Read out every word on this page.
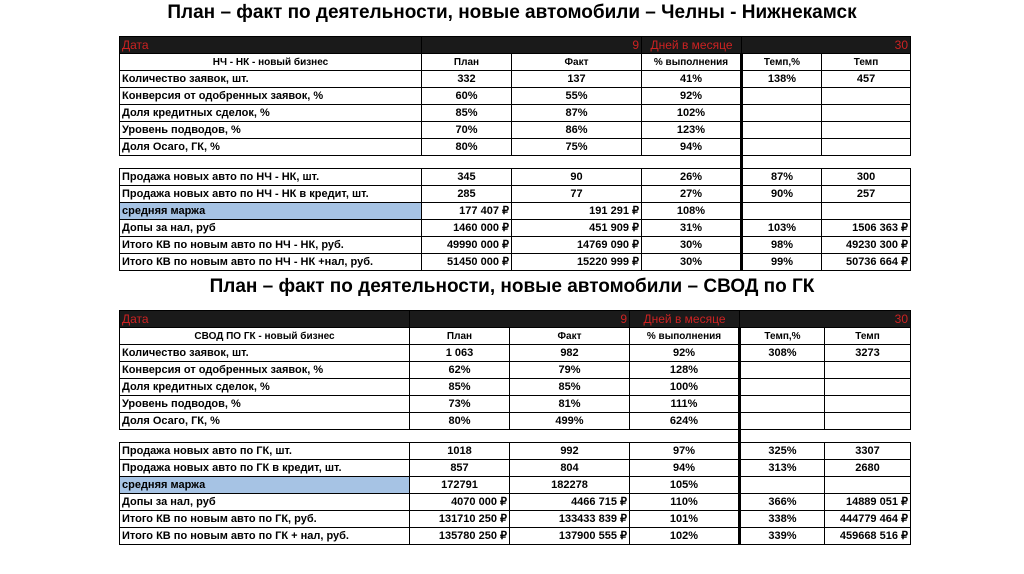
План – факт по деятельности, новые автомобили – Челны - Нижнекамск
Дата	9		Дней в месяце	30	
НЧ - НК - новый бизнес	План	Факт	% выполнения	Темп,%	Темп
Количество заявок, шт.	332	137	41%	138%	457
Конверсия от одобренных заявок, %	60%	55%	92%		
Доля кредитных сделок, %	85%	87%	102%		
Уровень подводов, %	70%	86%	123%		
Доля Осаго, ГК, %	80%	75%	94%		

Продажа новых авто по НЧ - НК, шт.	345	90	26%	87%	300
Продажа новых авто по НЧ - НК в кредит, шт.	285	77	27%	90%	257
средняя маржа	177 407 ₽	191 291 ₽	108%		
Допы за нал, руб	1460 000 ₽	451 909 ₽	31%	103%	1506 363 ₽
Итого КВ по новым авто по НЧ - НК, руб.	49990 000 ₽	14769 090 ₽	30%	98%	49230 300 ₽
Итого КВ по новым авто по НЧ - НК +нал, руб.	51450 000 ₽	15220 999 ₽	30%	99%	50736 664 ₽
План – факт по деятельности, новые автомобили – СВОД по ГК
Дата	9		Дней в месяце	30	
СВОД ПО ГК - новый бизнес	План	Факт	% выполнения	Темп,%	Темп
Количество заявок, шт.	1 063	982	92%	308%	3273
Конверсия от одобренных заявок, %	62%	79%	128%		
Доля кредитных сделок, %	85%	85%	100%		
Уровень подводов, %	73%	81%	111%		
Доля Осаго, ГК, %	80%	499%	624%		

Продажа новых авто по ГК, шт.	1018	992	97%	325%	3307
Продажа новых авто по ГК в кредит, шт.	857	804	94%	313%	2680
средняя маржа	172791	182278	105%		
Допы за нал, руб	4070 000 ₽	4466 715 ₽	110%	366%	14889 051 ₽
Итого КВ по новым авто по ГК, руб.	131710 250 ₽	133433 839 ₽	101%	338%	444779 464 ₽
Итого КВ по новым авто по ГК + нал, руб.	135780 250 ₽	137900 555 ₽	102%	339%	459668 516 ₽
